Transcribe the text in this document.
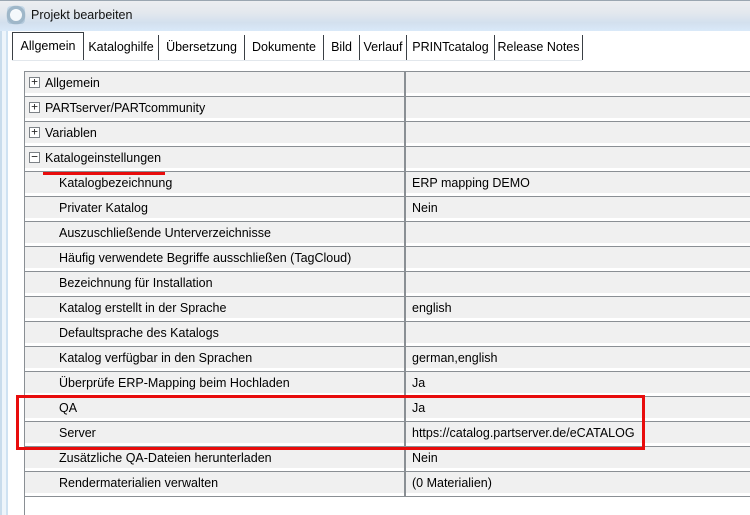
Projekt bearbeiten
Allgemein	Kataloghilfe Übersetzung	Dokumente	Bild Verlauf PRINTcatalog Release Notes
+ Allgemein
+ PARTserver/PARTcommunity
+ Variablen
− Katalogeinstellungen
Katalogbezeichnung	ERP mapping DEMO
Privater Katalog	Nein
Auszuschließende Unterverzeichnisse
Häufig verwendete Begriffe ausschließen (TagCloud)
Bezeichnung für Installation
Katalog erstellt in der Sprache	english
Defaultsprache des Katalogs
Katalog verfügbar in den Sprachen	german,english
Überprüfe ERP-Mapping beim Hochladen	Ja
QA	Ja
Server	https://catalog.partserver.de/eCATALOG
Zusätzliche QA-Dateien herunterladen	Nein
Rendermaterialien verwalten	(0 Materialien)
